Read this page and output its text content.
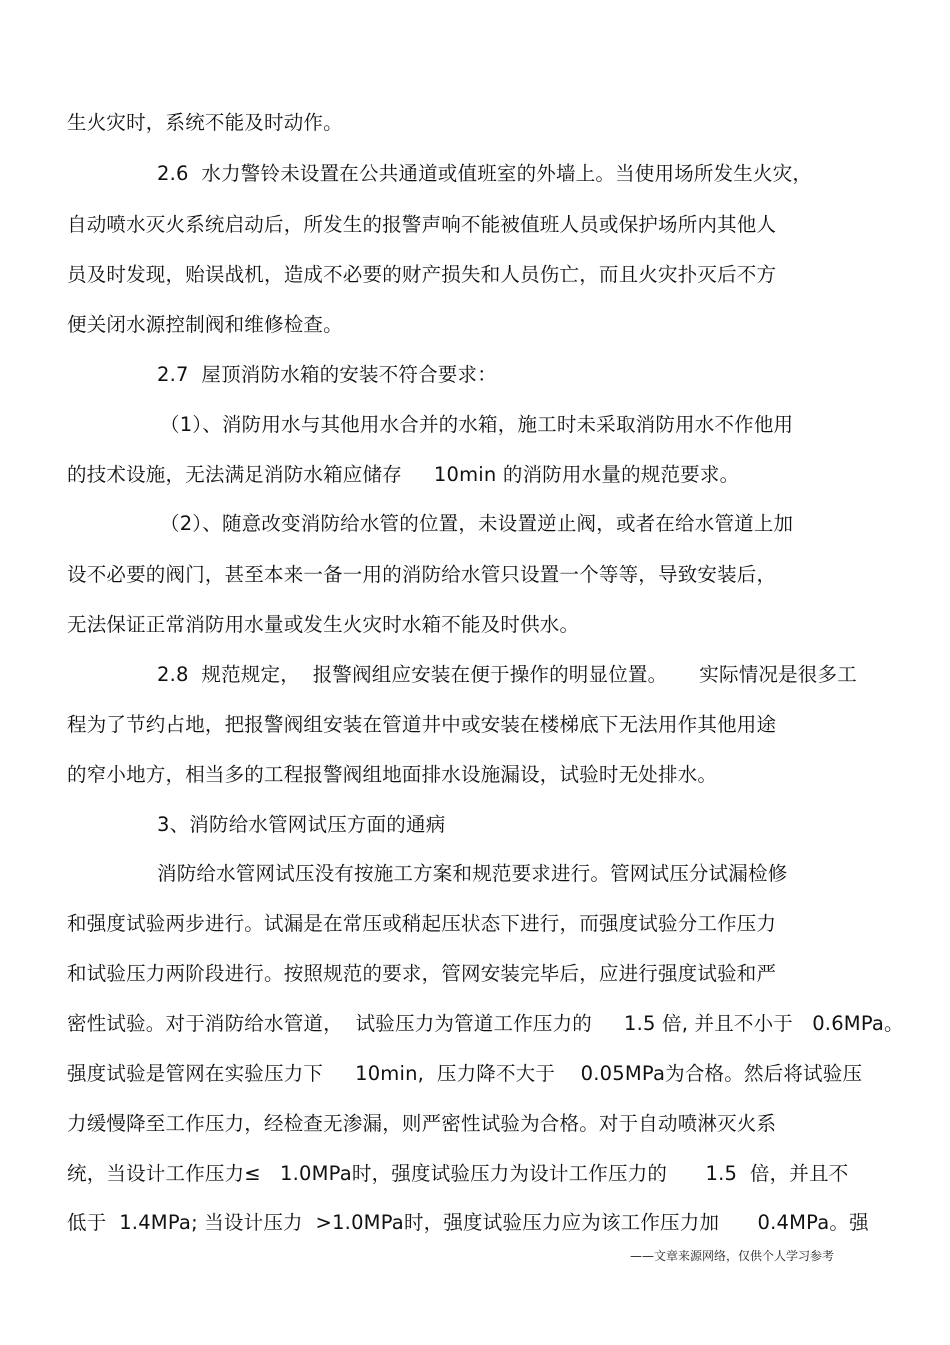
生火灾时，系统不能及时动作。
2.6  水力警铃未设置在公共通道或值班室的外墙上。当使用场所发生火灾，
自动喷水灭火系统启动后，所发生的报警声响不能被值班人员或保护场所内其他人
员及时发现，贻误战机，造成不必要的财产损失和人员伤亡，而且火灾扑灭后不方
便关闭水源控制阀和维修检查。
2.7  屋顶消防水箱的安装不符合要求：
（1）、消防用水与其他用水合并的水箱，施工时未采取消防用水不作他用
的技术设施，无法满足消防水箱应储存     10min 的消防用水量的规范要求。
（2）、随意改变消防给水管的位置，未设置逆止阀，或者在给水管道上加
设不必要的阀门，甚至本来一备一用的消防给水管只设置一个等等，导致安装后，
无法保证正常消防用水量或发生火灾时水箱不能及时供水。
2.8  规范规定，  报警阀组应安装在便于操作的明显位置。     实际情况是很多工
程为了节约占地，把报警阀组安装在管道井中或安装在楼梯底下无法用作其他用途
的窄小地方，相当多的工程报警阀组地面排水设施漏设，试验时无处排水。
3、消防给水管网试压方面的通病
消防给水管网试压没有按施工方案和规范要求进行。管网试压分试漏检修
和强度试验两步进行。试漏是在常压或稍起压状态下进行，而强度试验分工作压力
和试验压力两阶段进行。按照规范的要求，管网安装完毕后，应进行强度试验和严
密性试验。对于消防给水管道，  试验压力为管道工作压力的     1.5 倍, 并且不小于   0.6MPa。
强度试验是管网在实验压力下     10min,  压力降不大于    0.05MPa为合格。然后将试验压
力缓慢降至工作压力，经检查无渗漏，则严密性试验为合格。对于自动喷淋灭火系
统，当设计工作压力≤   1.0MPa时，强度试验压力为设计工作压力的      1.5  倍，并且不
低于  1.4MPa; 当设计压力  >1.0MPa时，强度试验压力应为该工作压力加      0.4MPa。强
——文章来源网络，仅供个人学习参考
